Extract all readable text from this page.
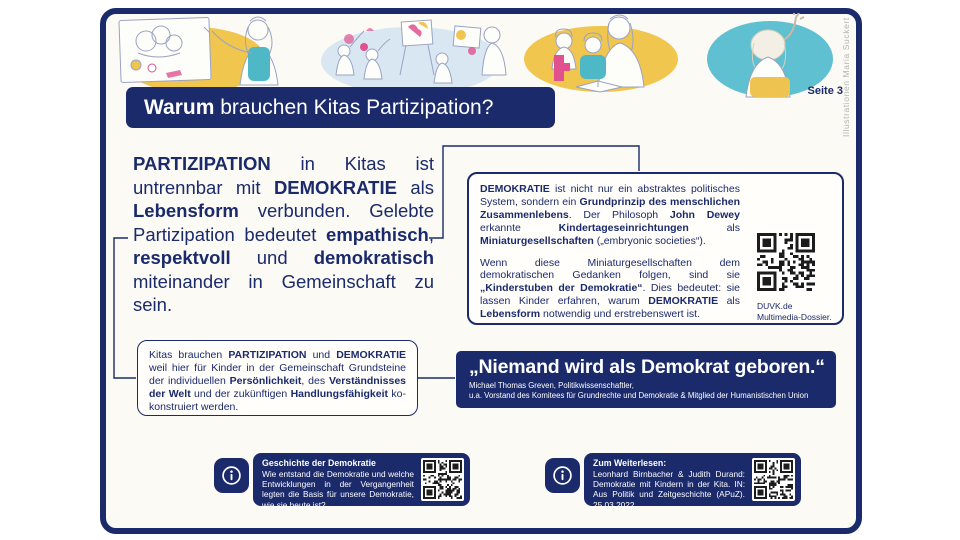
Warum brauchen Kitas Partizipation?
Seite 3
Illustrationen Maria Suckert
PARTIZIPATION in Kitas ist untrennbar mit DEMOKRATIE als Lebensform verbunden. Gelebte Partizipation bedeutet empathisch, respektvoll und demokratisch miteinander in Gemeinschaft zu sein.

DEMOKRATIE ist nicht nur ein abstraktes politisches System, sondern ein Grundprinzip des menschlichen Zusammenlebens. Der Philosoph John Dewey erkannte Kindertageseinrichtungen als Miniaturgesellschaften („embryonic societies“).

Wenn diese Miniaturgesellschaften dem demokratischen Gedanken folgen, sind sie „Kinderstuben der Demokratie“. Dies bedeutet: sie lassen Kinder erfahren, warum DEMOKRATIE als Lebensform notwendig und erstrebenswert ist.

DUVK.de
Multimedia-Dossier.
Kitas brauchen PARTIZIPATION und DEMOKRATIE weil hier für Kinder in der Gemeinschaft Grundsteine der individuellen Persönlichkeit, des Verständnisses der Welt und der zukünftigen Handlungsfähigkeit ko-konstruiert werden.
„Niemand wird als Demokrat geboren.“
Michael Thomas Greven, Politikwissenschaftler,
u.a. Vorstand des Komitees für Grundrechte und Demokratie & Mitglied der Humanistischen Union
Geschichte der Demokratie
Wie entstand die Demokratie und welche Entwicklungen in der Vergangenheit legten die Basis für unsere Demokratie, wie sie heute ist?
Zum Weiterlesen:
Leonhard Birnbacher & Judith Durand: Demokratie mit Kindern in der Kita. IN: Aus Politik und Zeitgeschichte (APuZ). 25.03.2022.
